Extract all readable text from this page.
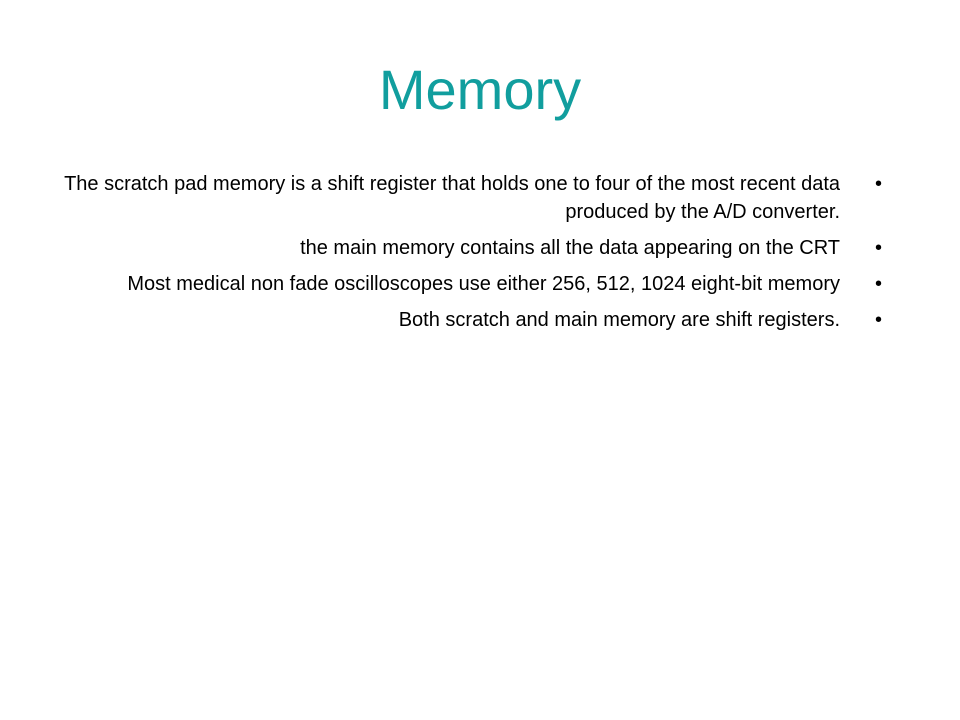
Memory
The scratch pad memory is a shift register that holds one to four of the most recent data produced by the A/D converter.
•
the main memory contains all the data appearing on the CRT •
Most medical non fade oscilloscopes use either 256, 512, 1024 eight-bit memory •
Both scratch and main memory are shift registers. •
